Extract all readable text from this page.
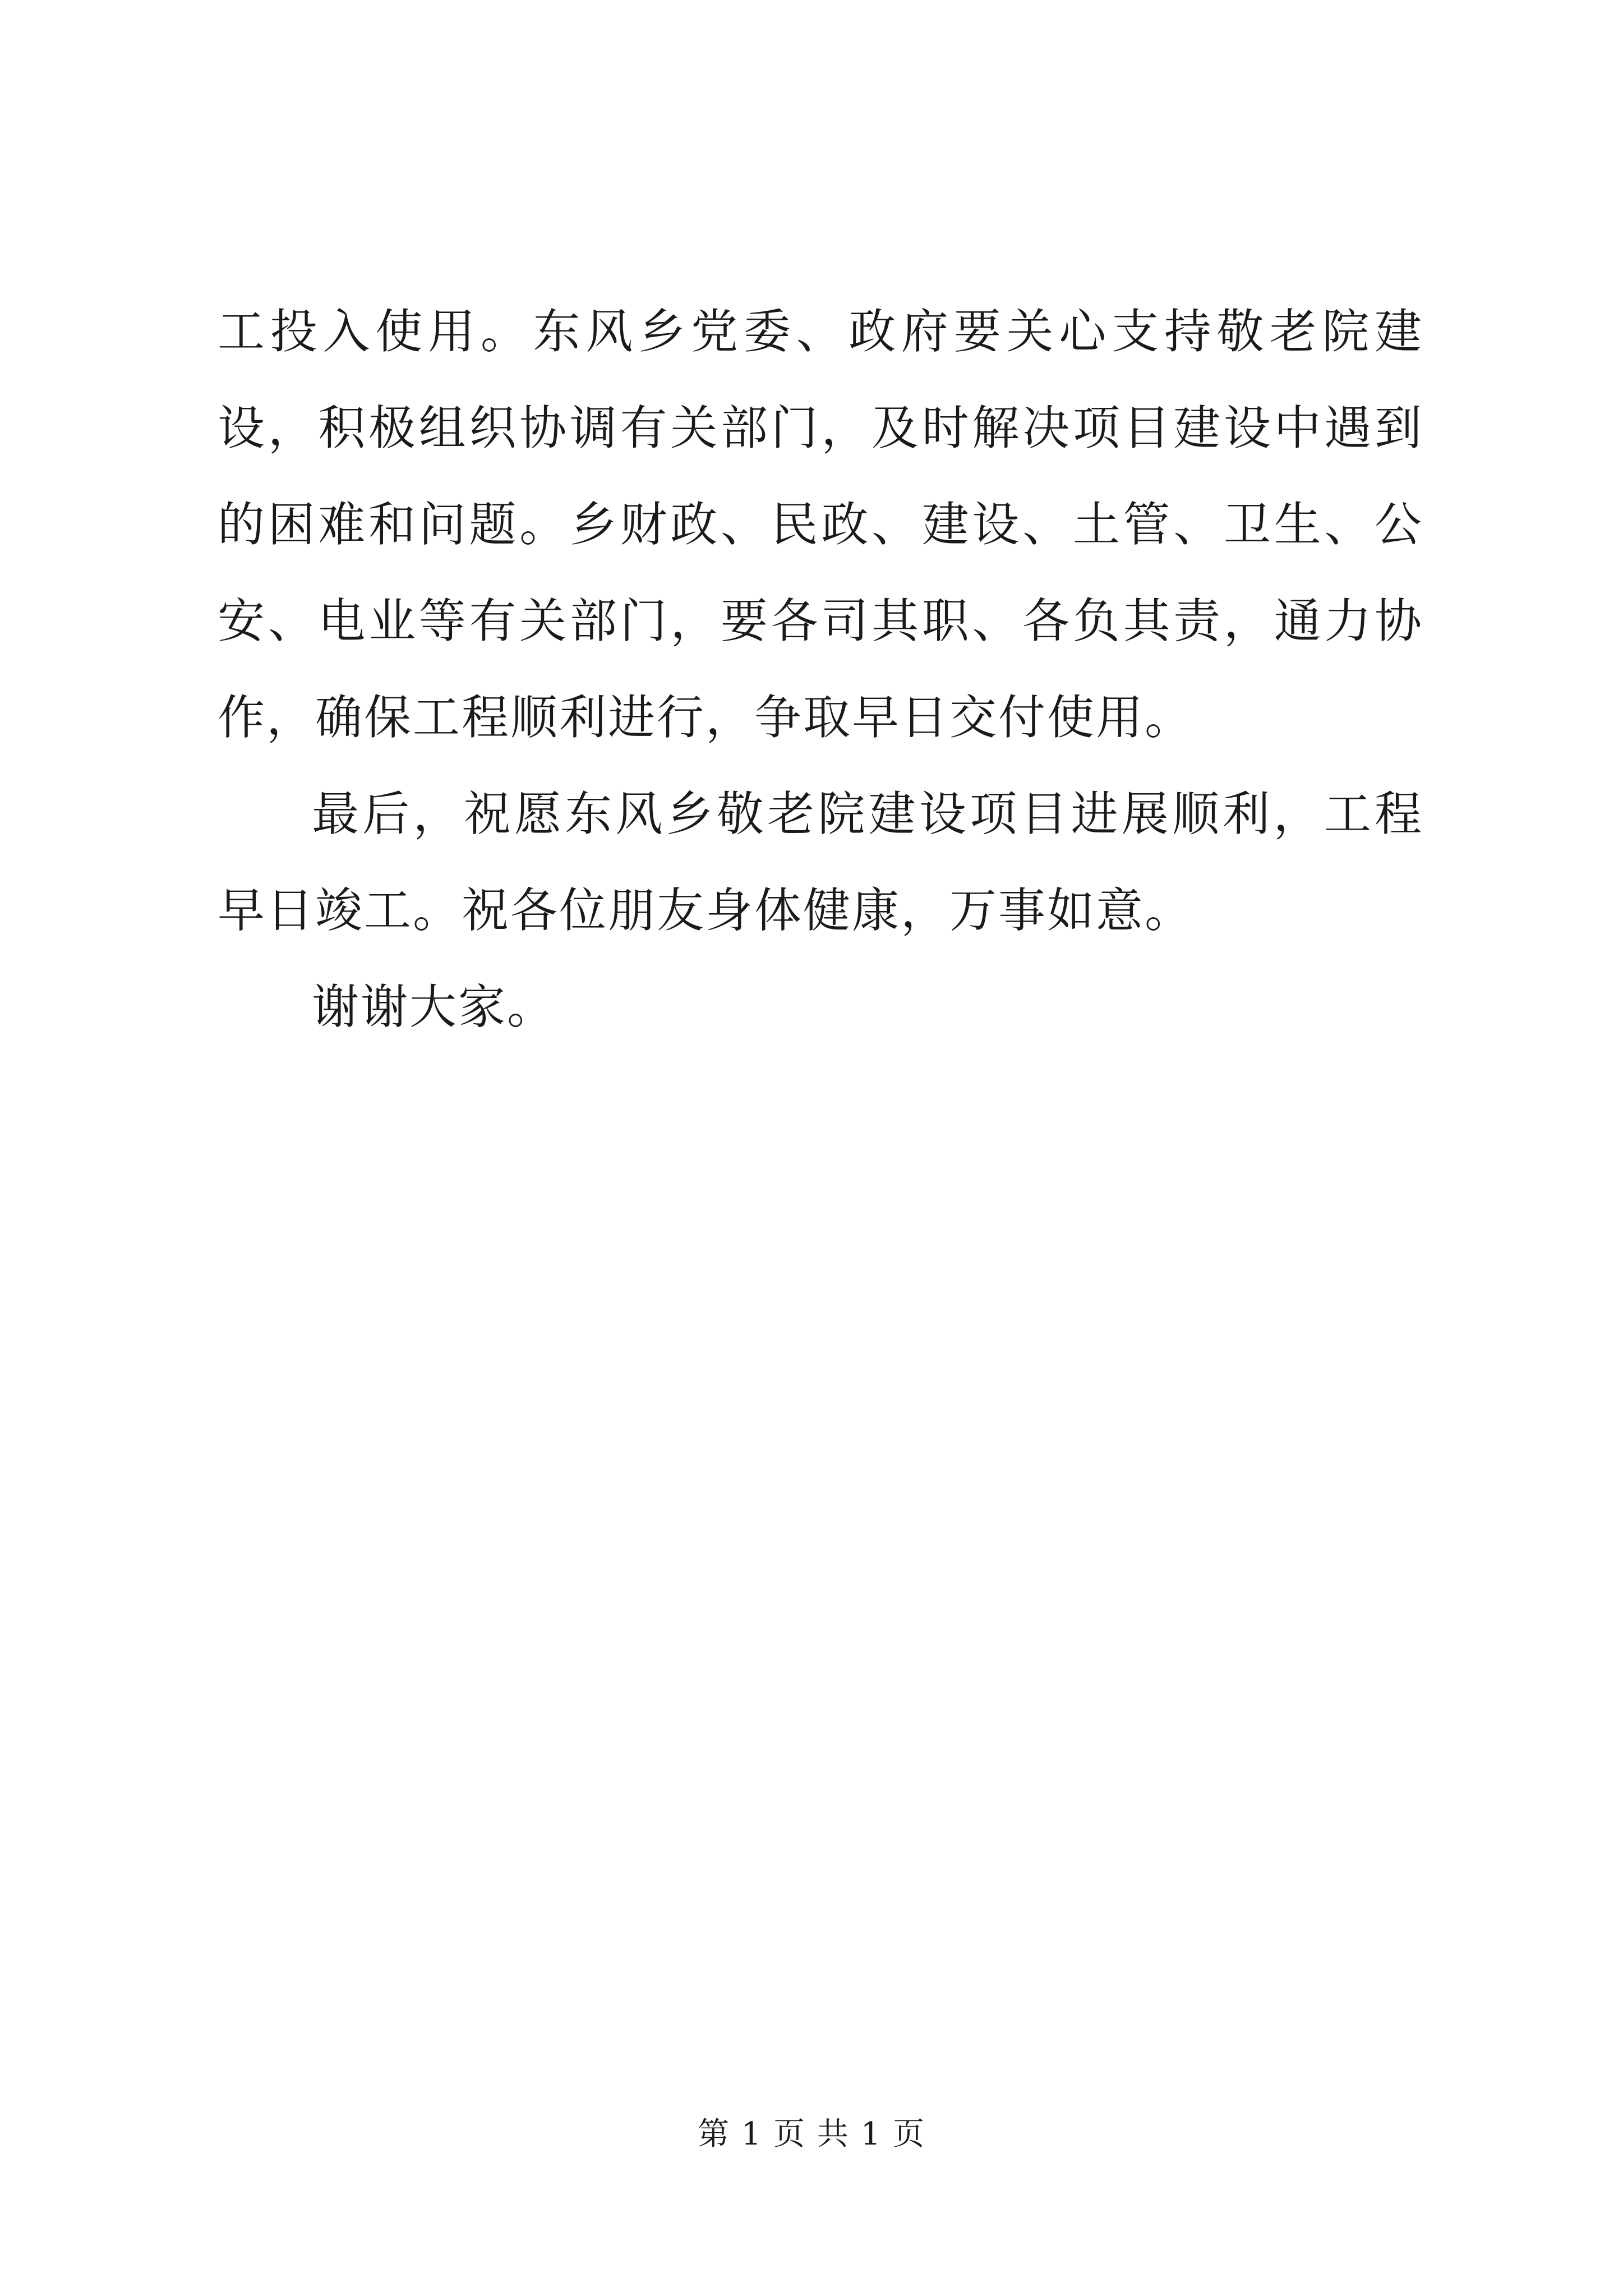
工投入使用。东风乡党委、政府要关心支持敬老院建设，积极组织协调有关部门，及时解决项目建设中遇到的困难和问题。乡财政、民政、建设、土管、卫生、公安、电业等有关部门，要各司其职、各负其责，通力协作，确保工程顺利进行，争取早日交付使用。

最后，祝愿东风乡敬老院建设项目进展顺利，工程早日竣工。祝各位朋友身体健康，万事如意。

谢谢大家。

第 1 页 共 1 页
